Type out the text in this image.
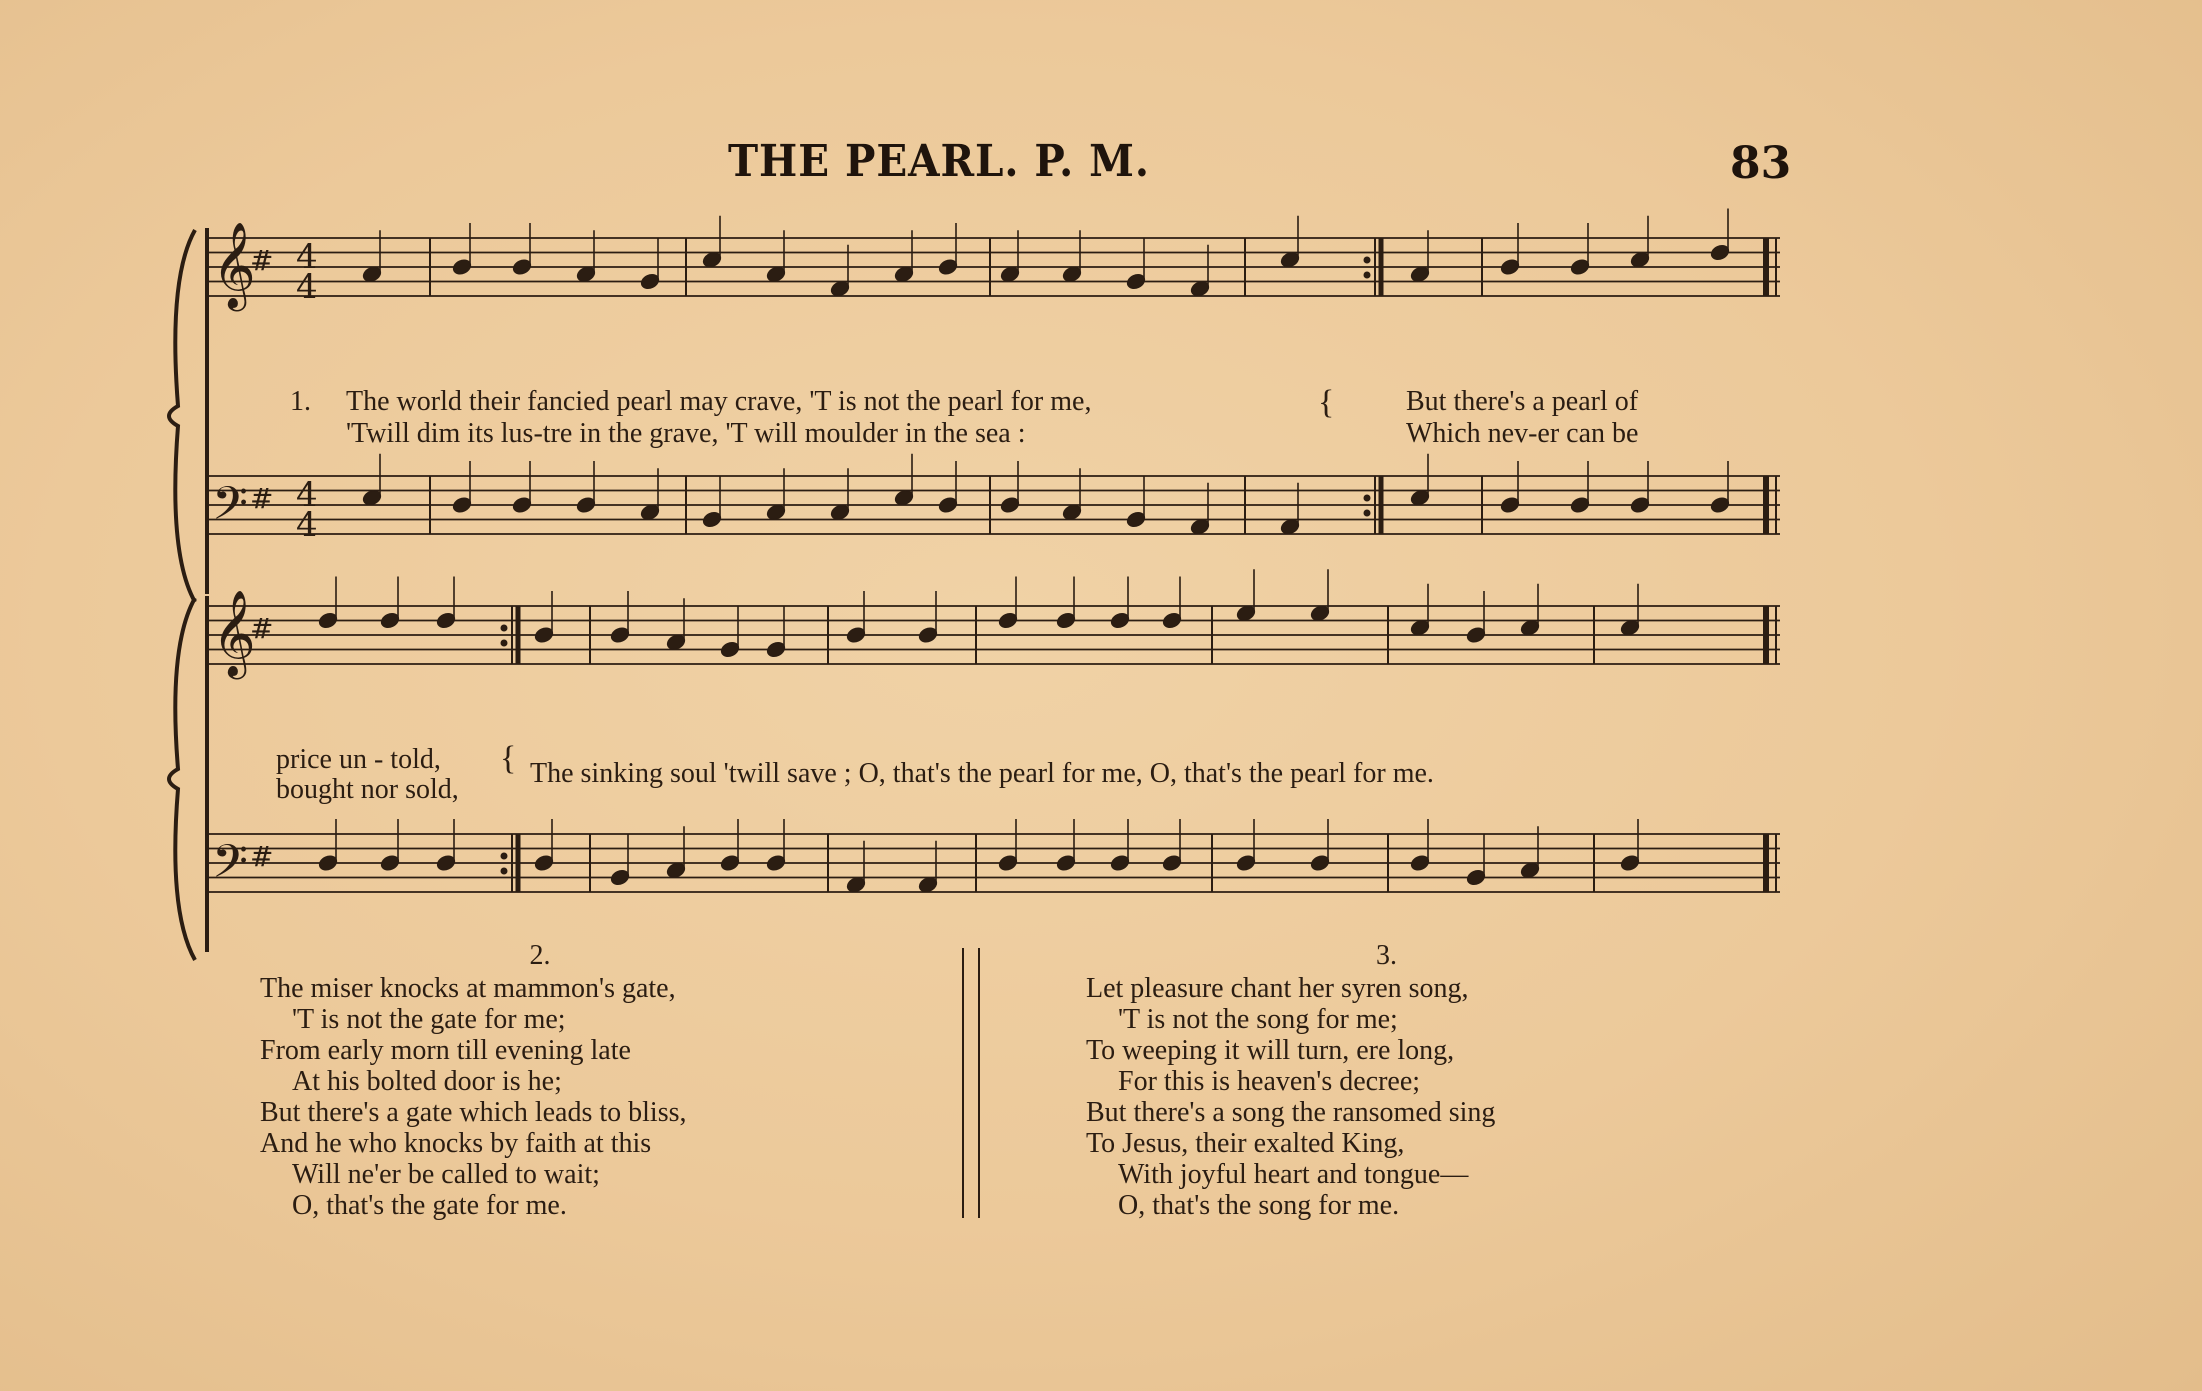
THE PEARL. P. M.	83
𝄞
𝄢
𝄞
𝄢
#
#
#
#
4
4
4
4
1. The world their fancied pearl may crave, 'T is not the pearl for me,
'Twill dim its lus-tre in the grave, 'T will moulder in the sea :
{	But there's a pearl of
Which nev-er can be
price un - told,
bought nor sold,
{ The sinking soul 'twill save ; O, that's the pearl for me, O, that's the pearl for me.
2.
The miser knocks at mammon's gate,
'T is not the gate for me;
From early morn till evening late
At his bolted door is he;
But there's a gate which leads to bliss,
And he who knocks by faith at this
Will ne'er be called to wait;
O, that's the gate for me.
3.
Let pleasure chant her syren song,
'T is not the song for me;
To weeping it will turn, ere long,
For this is heaven's decree;
But there's a song the ransomed sing
To Jesus, their exalted King,
With joyful heart and tongue—
O, that's the song for me.
